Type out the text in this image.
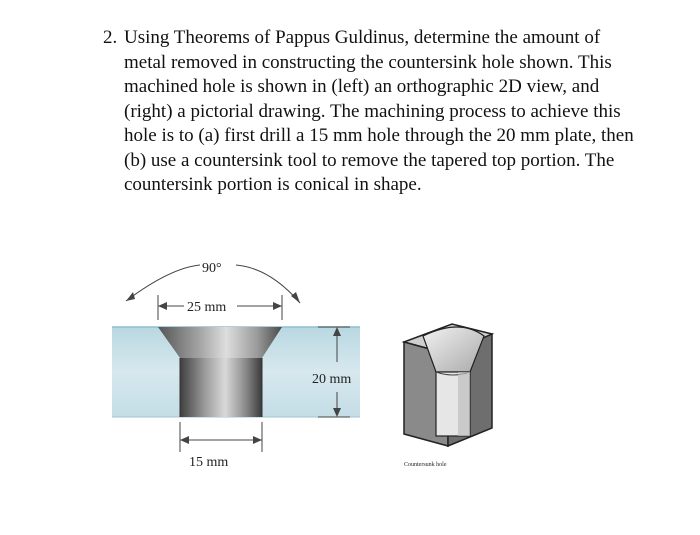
2. Using Theorems of Pappus Guldinus, determine the amount of metal removed in constructing the countersink hole shown. This machined hole is shown in (left) an orthographic 2D view, and (right) a pictorial drawing. The machining process to achieve this hole is to (a) first drill a 15 mm hole through the 20 mm plate, then (b) use a countersink tool to remove the tapered top portion. The countersink portion is conical in shape.
90°
25 mm
20 mm
15 mm	Countersunk hole
